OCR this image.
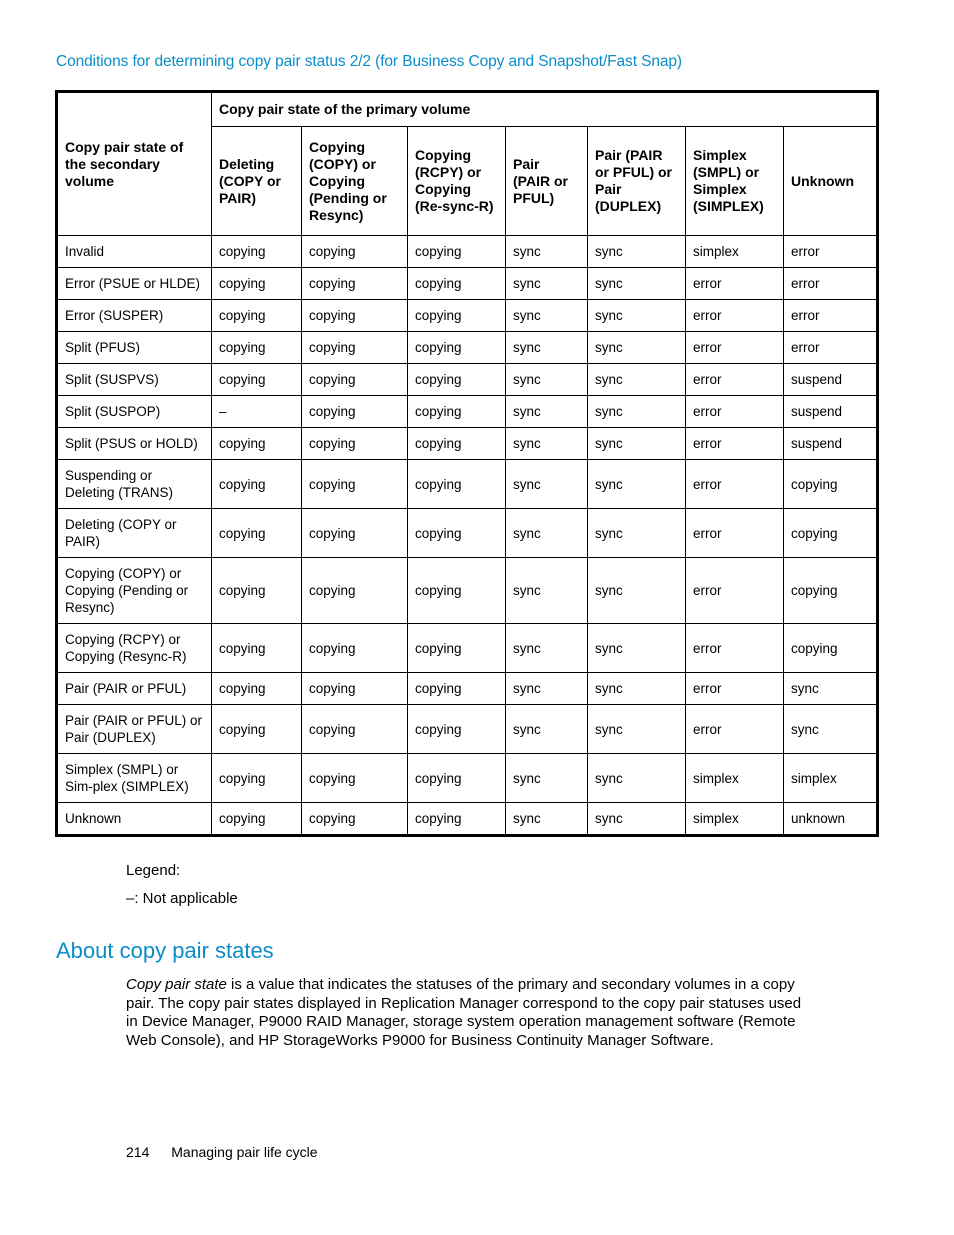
Conditions for determining copy pair status 2/2 (for Business Copy and Snapshot/Fast Snap)
Copy pair state of the secondary volume	Copy pair state of the primary volume						
	Deleting (COPY or PAIR)	Copying (COPY) or Copying (Pending or Resync)	Copying (RCPY) or Copying (Re-sync-R)	Pair (PAIR or PFUL)	Pair (PAIR or PFUL) or Pair (DUPLEX)	Simplex (SMPL) or Simplex (SIMPLEX)	Unknown
Invalid	copying	copying	copying	sync	sync	simplex	error
Error (PSUE or HLDE)	copying	copying	copying	sync	sync	error	error
Error (SUSPER)	copying	copying	copying	sync	sync	error	error
Split (PFUS)	copying	copying	copying	sync	sync	error	error
Split (SUSPVS)	copying	copying	copying	sync	sync	error	suspend
Split (SUSPOP)	–	copying	copying	sync	sync	error	suspend
Split (PSUS or HOLD)	copying	copying	copying	sync	sync	error	suspend
Suspending or Deleting (TRANS)	copying	copying	copying	sync	sync	error	copying
Deleting (COPY or PAIR)	copying	copying	copying	sync	sync	error	copying
Copying (COPY) or Copying (Pending or Resync)	copying	copying	copying	sync	sync	error	copying
Copying (RCPY) or Copying (Resync-R)	copying	copying	copying	sync	sync	error	copying
Pair (PAIR or PFUL)	copying	copying	copying	sync	sync	error	sync
Pair (PAIR or PFUL) or Pair (DUPLEX)	copying	copying	copying	sync	sync	error	sync
Simplex (SMPL) or Sim-plex (SIMPLEX)	copying	copying	copying	sync	sync	simplex	simplex
Unknown	copying	copying	copying	sync	sync	simplex	unknown
Legend:
–: Not applicable
About copy pair states
Copy pair state is a value that indicates the statuses of the primary and secondary volumes in a copy pair. The copy pair states displayed in Replication Manager correspond to the copy pair statuses used in Device Manager, P9000 RAID Manager, storage system operation management software (Remote Web Console), and HP StorageWorks P9000 for Business Continuity Manager Software.
214 Managing pair life cycle
